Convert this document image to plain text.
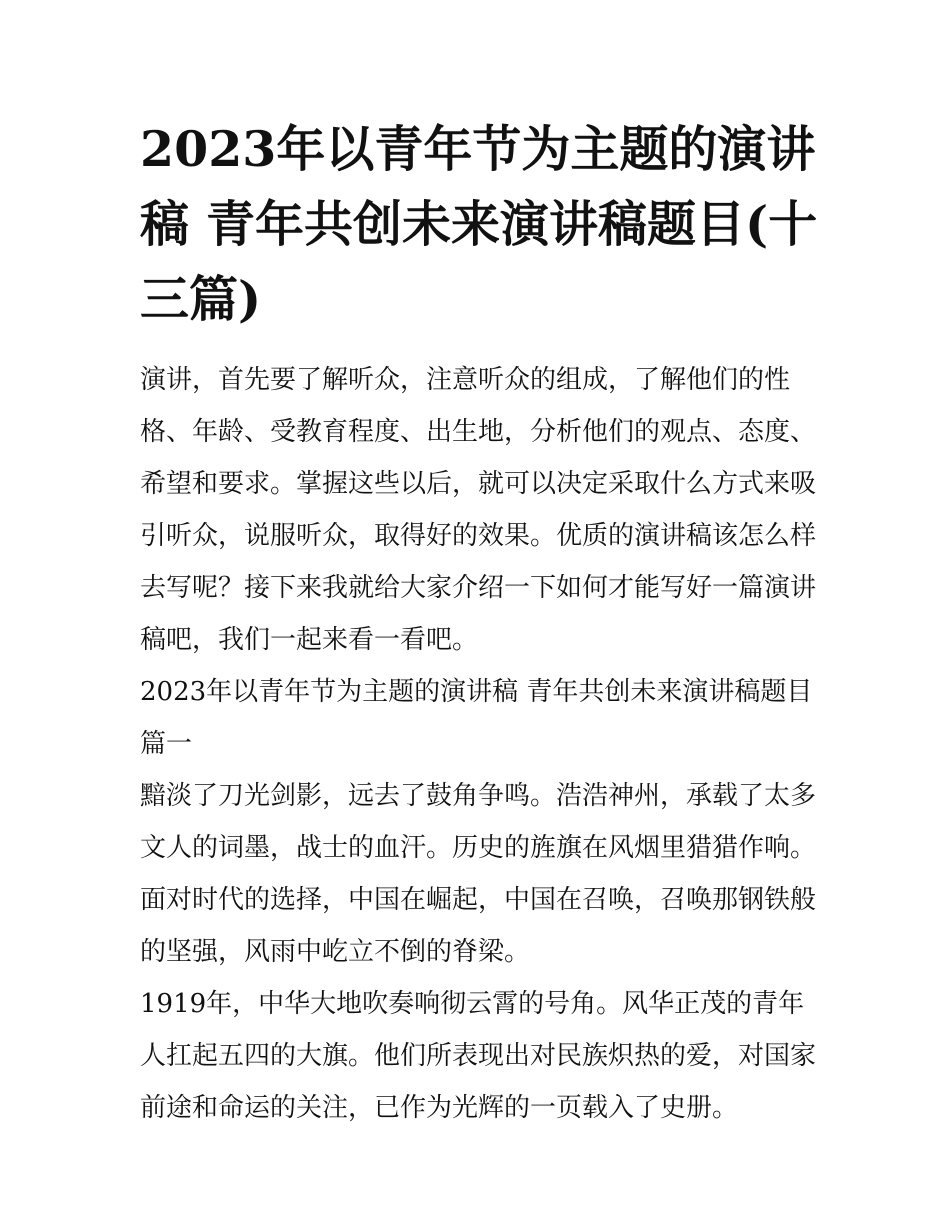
2023年以青年节为主题的演讲稿 青年共创未来演讲稿题目(十三篇)

演讲，首先要了解听众，注意听众的组成，了解他们的性格、年龄、受教育程度、出生地，分析他们的观点、态度、希望和要求。掌握这些以后，就可以决定采取什么方式来吸引听众，说服听众，取得好的效果。优质的演讲稿该怎么样去写呢？接下来我就给大家介绍一下如何才能写好一篇演讲稿吧，我们一起来看一看吧。

2023年以青年节为主题的演讲稿 青年共创未来演讲稿题目篇一

黯淡了刀光剑影，远去了鼓角争鸣。浩浩神州，承载了太多文人的词墨，战士的血汗。历史的旌旗在风烟里猎猎作响。面对时代的选择，中国在崛起，中国在召唤，召唤那钢铁般的坚强，风雨中屹立不倒的脊梁。

1919年，中华大地吹奏响彻云霄的号角。风华正茂的青年人扛起五四的大旗。他们所表现出对民族炽热的爱，对国家前途和命运的关注，已作为光辉的一页载入了史册。
